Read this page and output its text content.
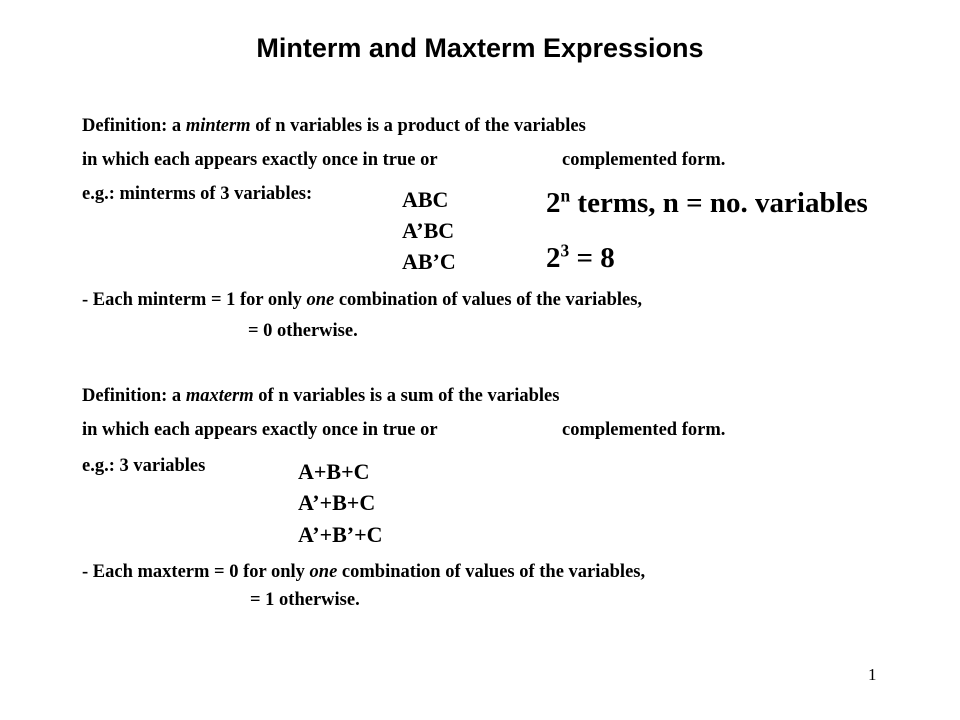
Minterm and Maxterm Expressions
Definition: a minterm of n variables is a product of the variables
in which each appears exactly once in true or	complemented form.
e.g.: minterms of 3 variables:	ABC
A’BC
AB’C
2$^n$ terms, n = no. variables
$2^3 = 8$
- Each minterm = 1 for only one combination of values of the variables,
= 0 otherwise.
Definition: a maxterm of n variables is a sum of the variables
in which each appears exactly once in true or	complemented form.
e.g.: 3 variables	A+B+C
A’+B+C
A’+B’+C
- Each maxterm = 0 for only one combination of values of the variables,
= 1 otherwise.
1
